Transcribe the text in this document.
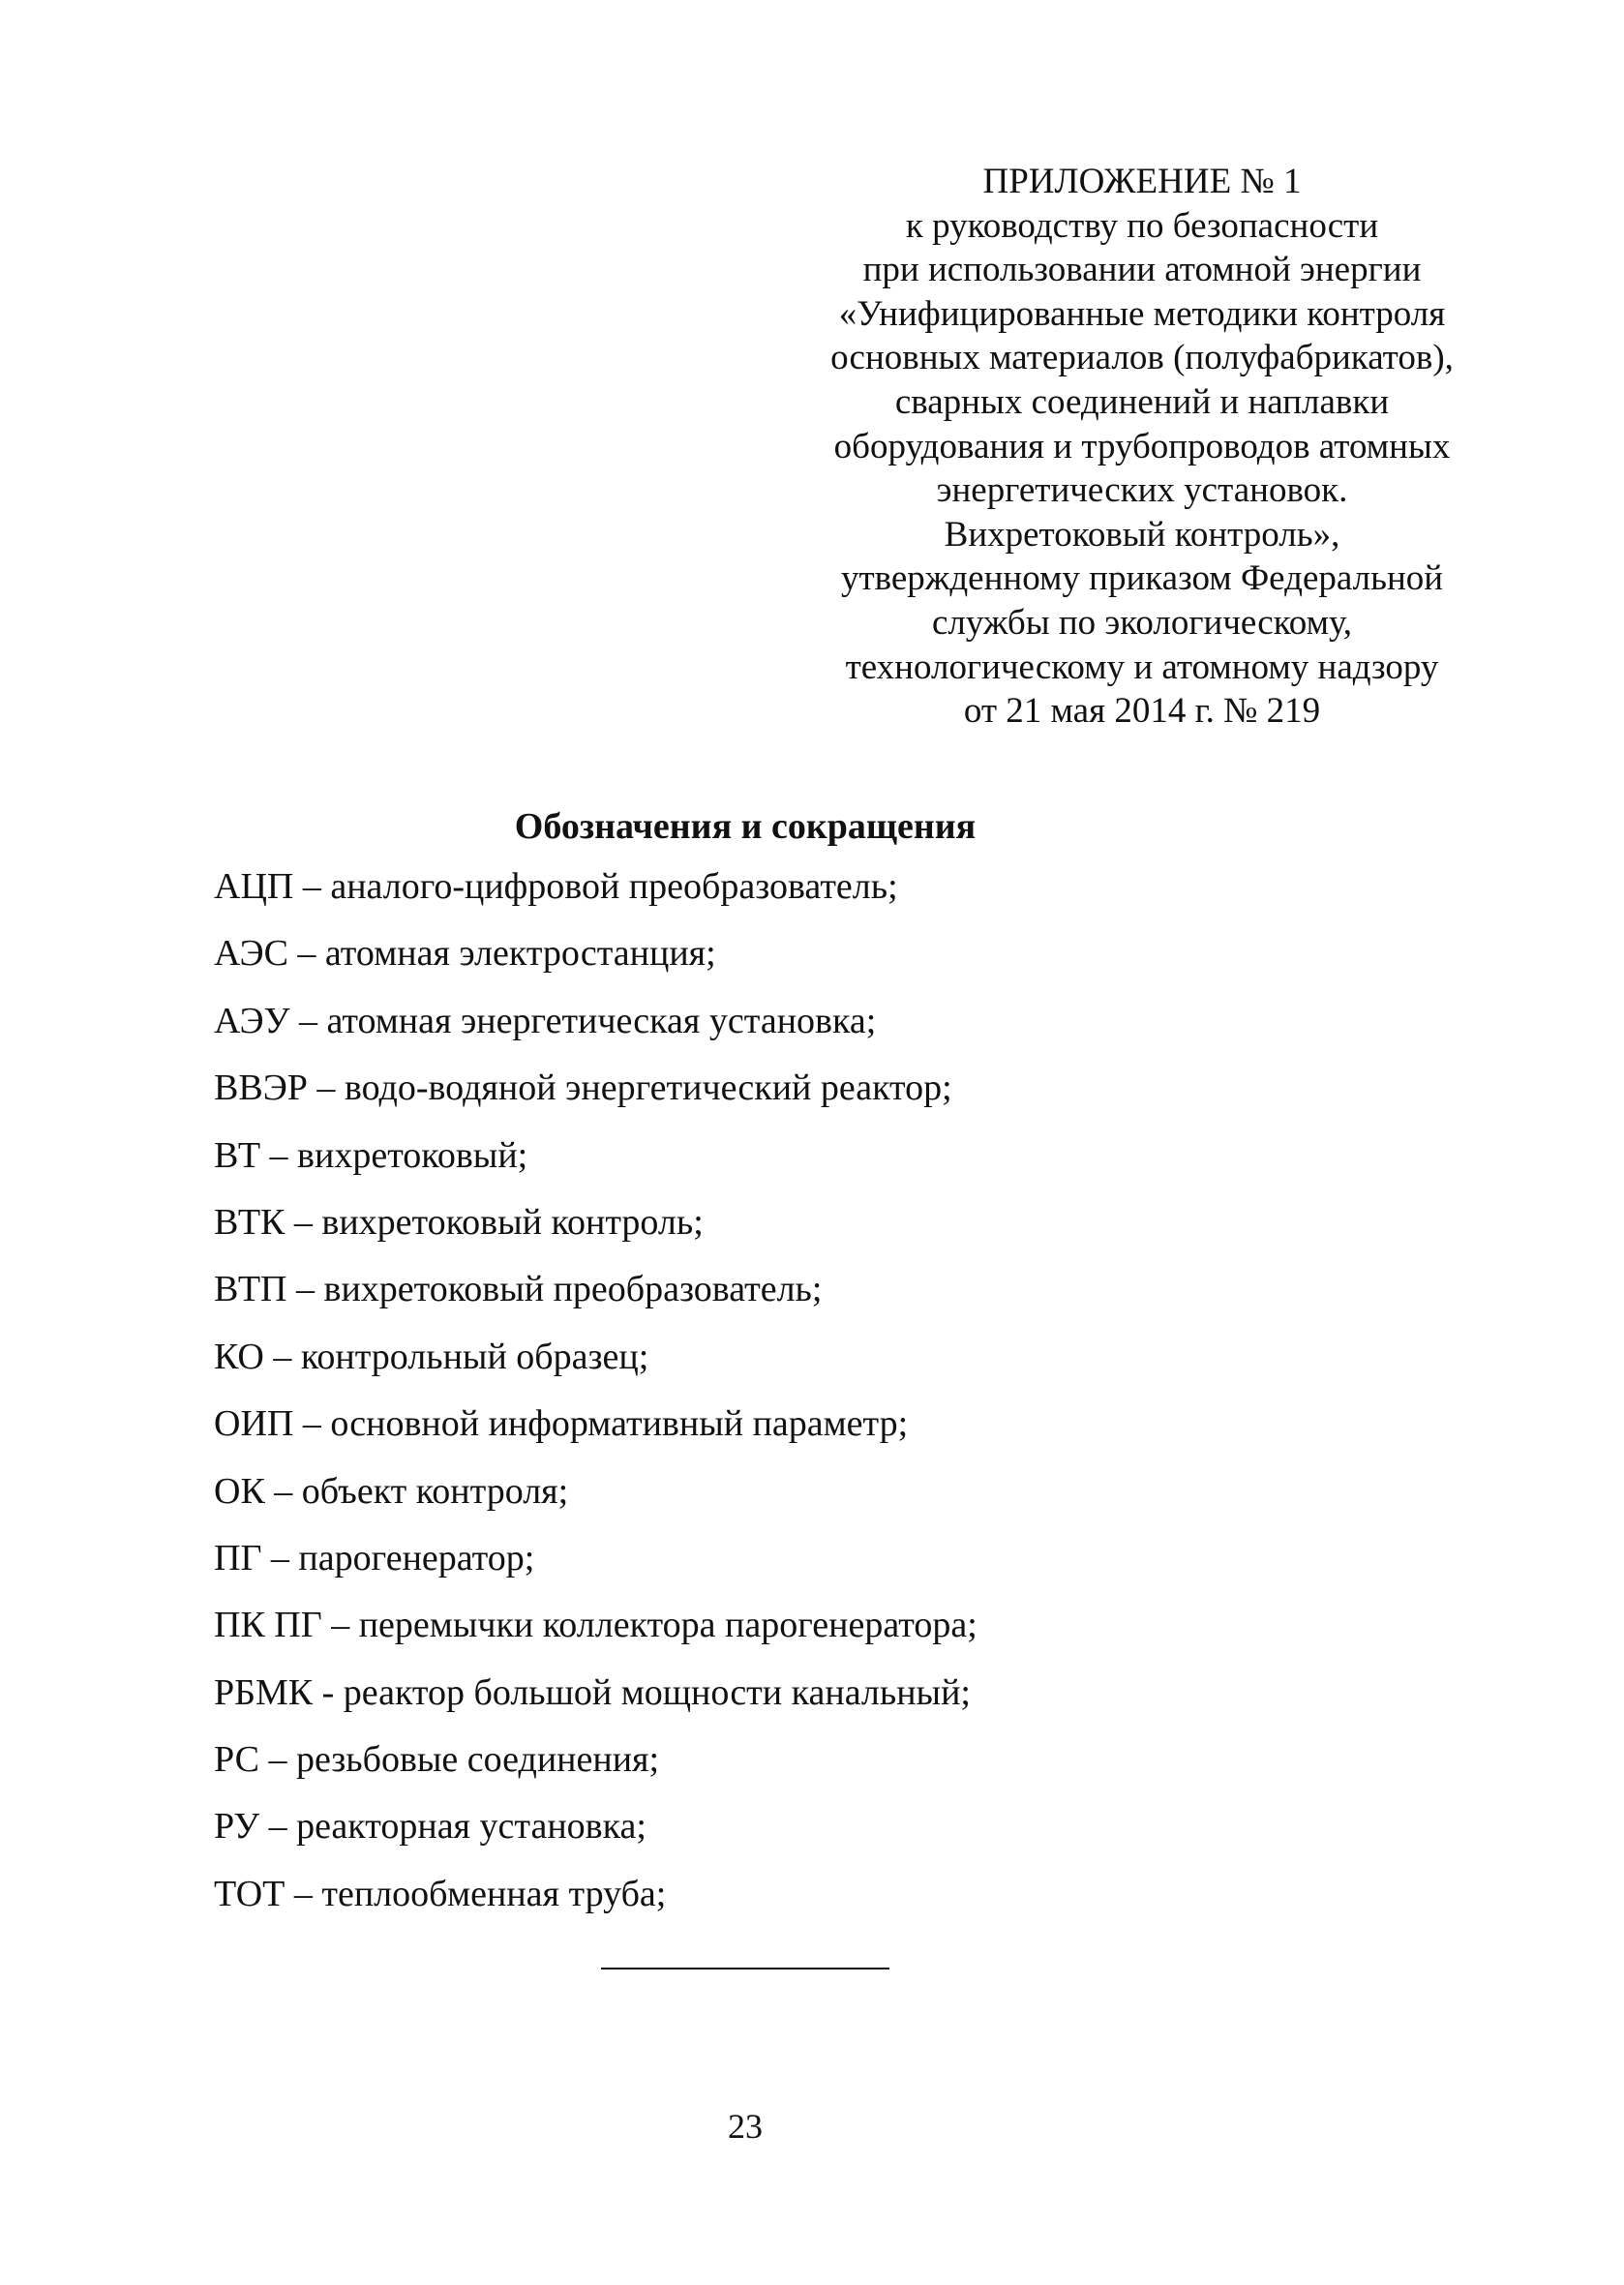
ПРИЛОЖЕНИЕ № 1
к руководству по безопасности
при использовании атомной энергии
«Унифицированные методики контроля
основных материалов (полуфабрикатов),
сварных соединений и наплавки
оборудования и трубопроводов атомных
энергетических установок.
Вихретоковый контроль»,
утвержденному приказом Федеральной
службы по экологическому,
технологическому и атомному надзору
от 21 мая 2014 г. № 219
Обозначения и сокращения
АЦП – аналого-цифровой преобразователь;
АЭС – атомная электростанция;
АЭУ – атомная энергетическая установка;
ВВЭР – водо-водяной энергетический реактор;
ВТ – вихретоковый;
ВТК – вихретоковый контроль;
ВТП – вихретоковый преобразователь;
КО – контрольный образец;
ОИП – основной информативный параметр;
ОК – объект контроля;
ПГ – парогенератор;
ПК ПГ – перемычки коллектора парогенератора;
РБМК - реактор большой мощности канальный;
РС – резьбовые соединения;
РУ – реакторная установка;
ТОТ – теплообменная труба;
23
